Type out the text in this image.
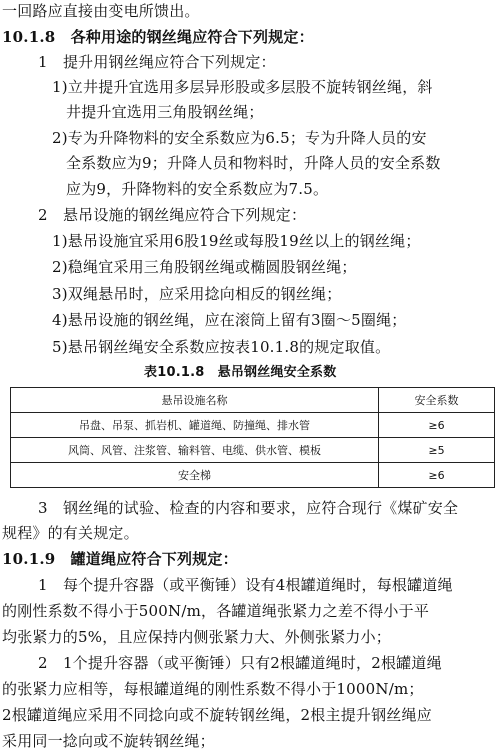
一回路应直接由变电所馈出。
10.1.8　各种用途的钢丝绳应符合下列规定：
1　提升用钢丝绳应符合下列规定：
1)立井提升宜选用多层异形股或多层股不旋转钢丝绳，斜
井提升宜选用三角股钢丝绳；
2)专为升降物料的安全系数应为6.5；专为升降人员的安
全系数应为9；升降人员和物料时，升降人员的安全系数
应为9，升降物料的安全系数应为7.5。
2　悬吊设施的钢丝绳应符合下列规定：
1)悬吊设施宜采用6股19丝或每股19丝以上的钢丝绳；
2)稳绳宜采用三角股钢丝绳或椭圆股钢丝绳；
3)双绳悬吊时，应采用捻向相反的钢丝绳；
4)悬吊设施的钢丝绳，应在滚筒上留有3圈～5圈绳；
5)悬吊钢丝绳安全系数应按表10.1.8的规定取值。
表10.1.8　悬吊钢丝绳安全系数
悬吊设施名称	安全系数
吊盘、吊泵、抓岩机、罐道绳、防撞绳、排水管	≥6
风筒、风管、注浆管、输料管、电缆、供水管、模板	≥5
安全梯	≥6
3　钢丝绳的试验、检查的内容和要求，应符合现行《煤矿安全
规程》的有关规定。
10.1.9　罐道绳应符合下列规定：
1　每个提升容器（或平衡锤）设有4根罐道绳时，每根罐道绳
的刚性系数不得小于500N/m，各罐道绳张紧力之差不得小于平
均张紧力的5%，且应保持内侧张紧力大、外侧张紧力小；
2　1个提升容器（或平衡锤）只有2根罐道绳时，2根罐道绳
的张紧力应相等，每根罐道绳的刚性系数不得小于1000N/m；
2根罐道绳应采用不同捻向或不旋转钢丝绳，2根主提升钢丝绳应
采用同一捻向或不旋转钢丝绳；
